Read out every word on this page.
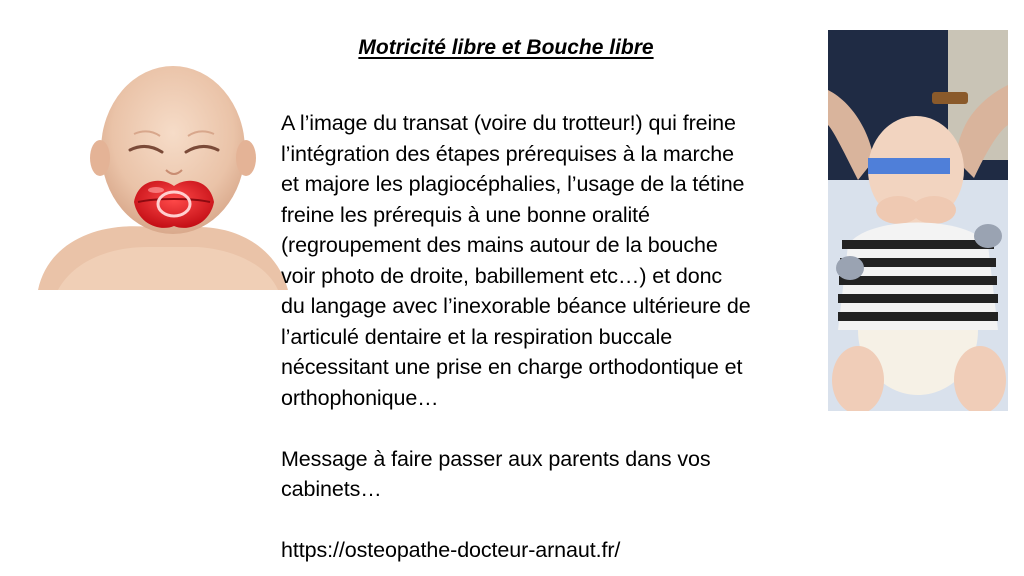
Motricité libre et Bouche libre

A l’image du transat (voire du trotteur!) qui freine

l’intégration des étapes prérequises à la marche

et majore les plagiocéphalies, l’usage de la tétine

freine les prérequis à une bonne oralité

(regroupement des mains autour de la bouche

voir photo de droite, babillement etc…) et donc

du langage avec l’inexorable béance ultérieure de

l’articulé dentaire et la respiration buccale

nécessitant une prise en charge orthodontique et

orthophonique…

Message à faire passer aux parents dans vos

cabinets…

https://osteopathe-docteur-arnaut.fr/
